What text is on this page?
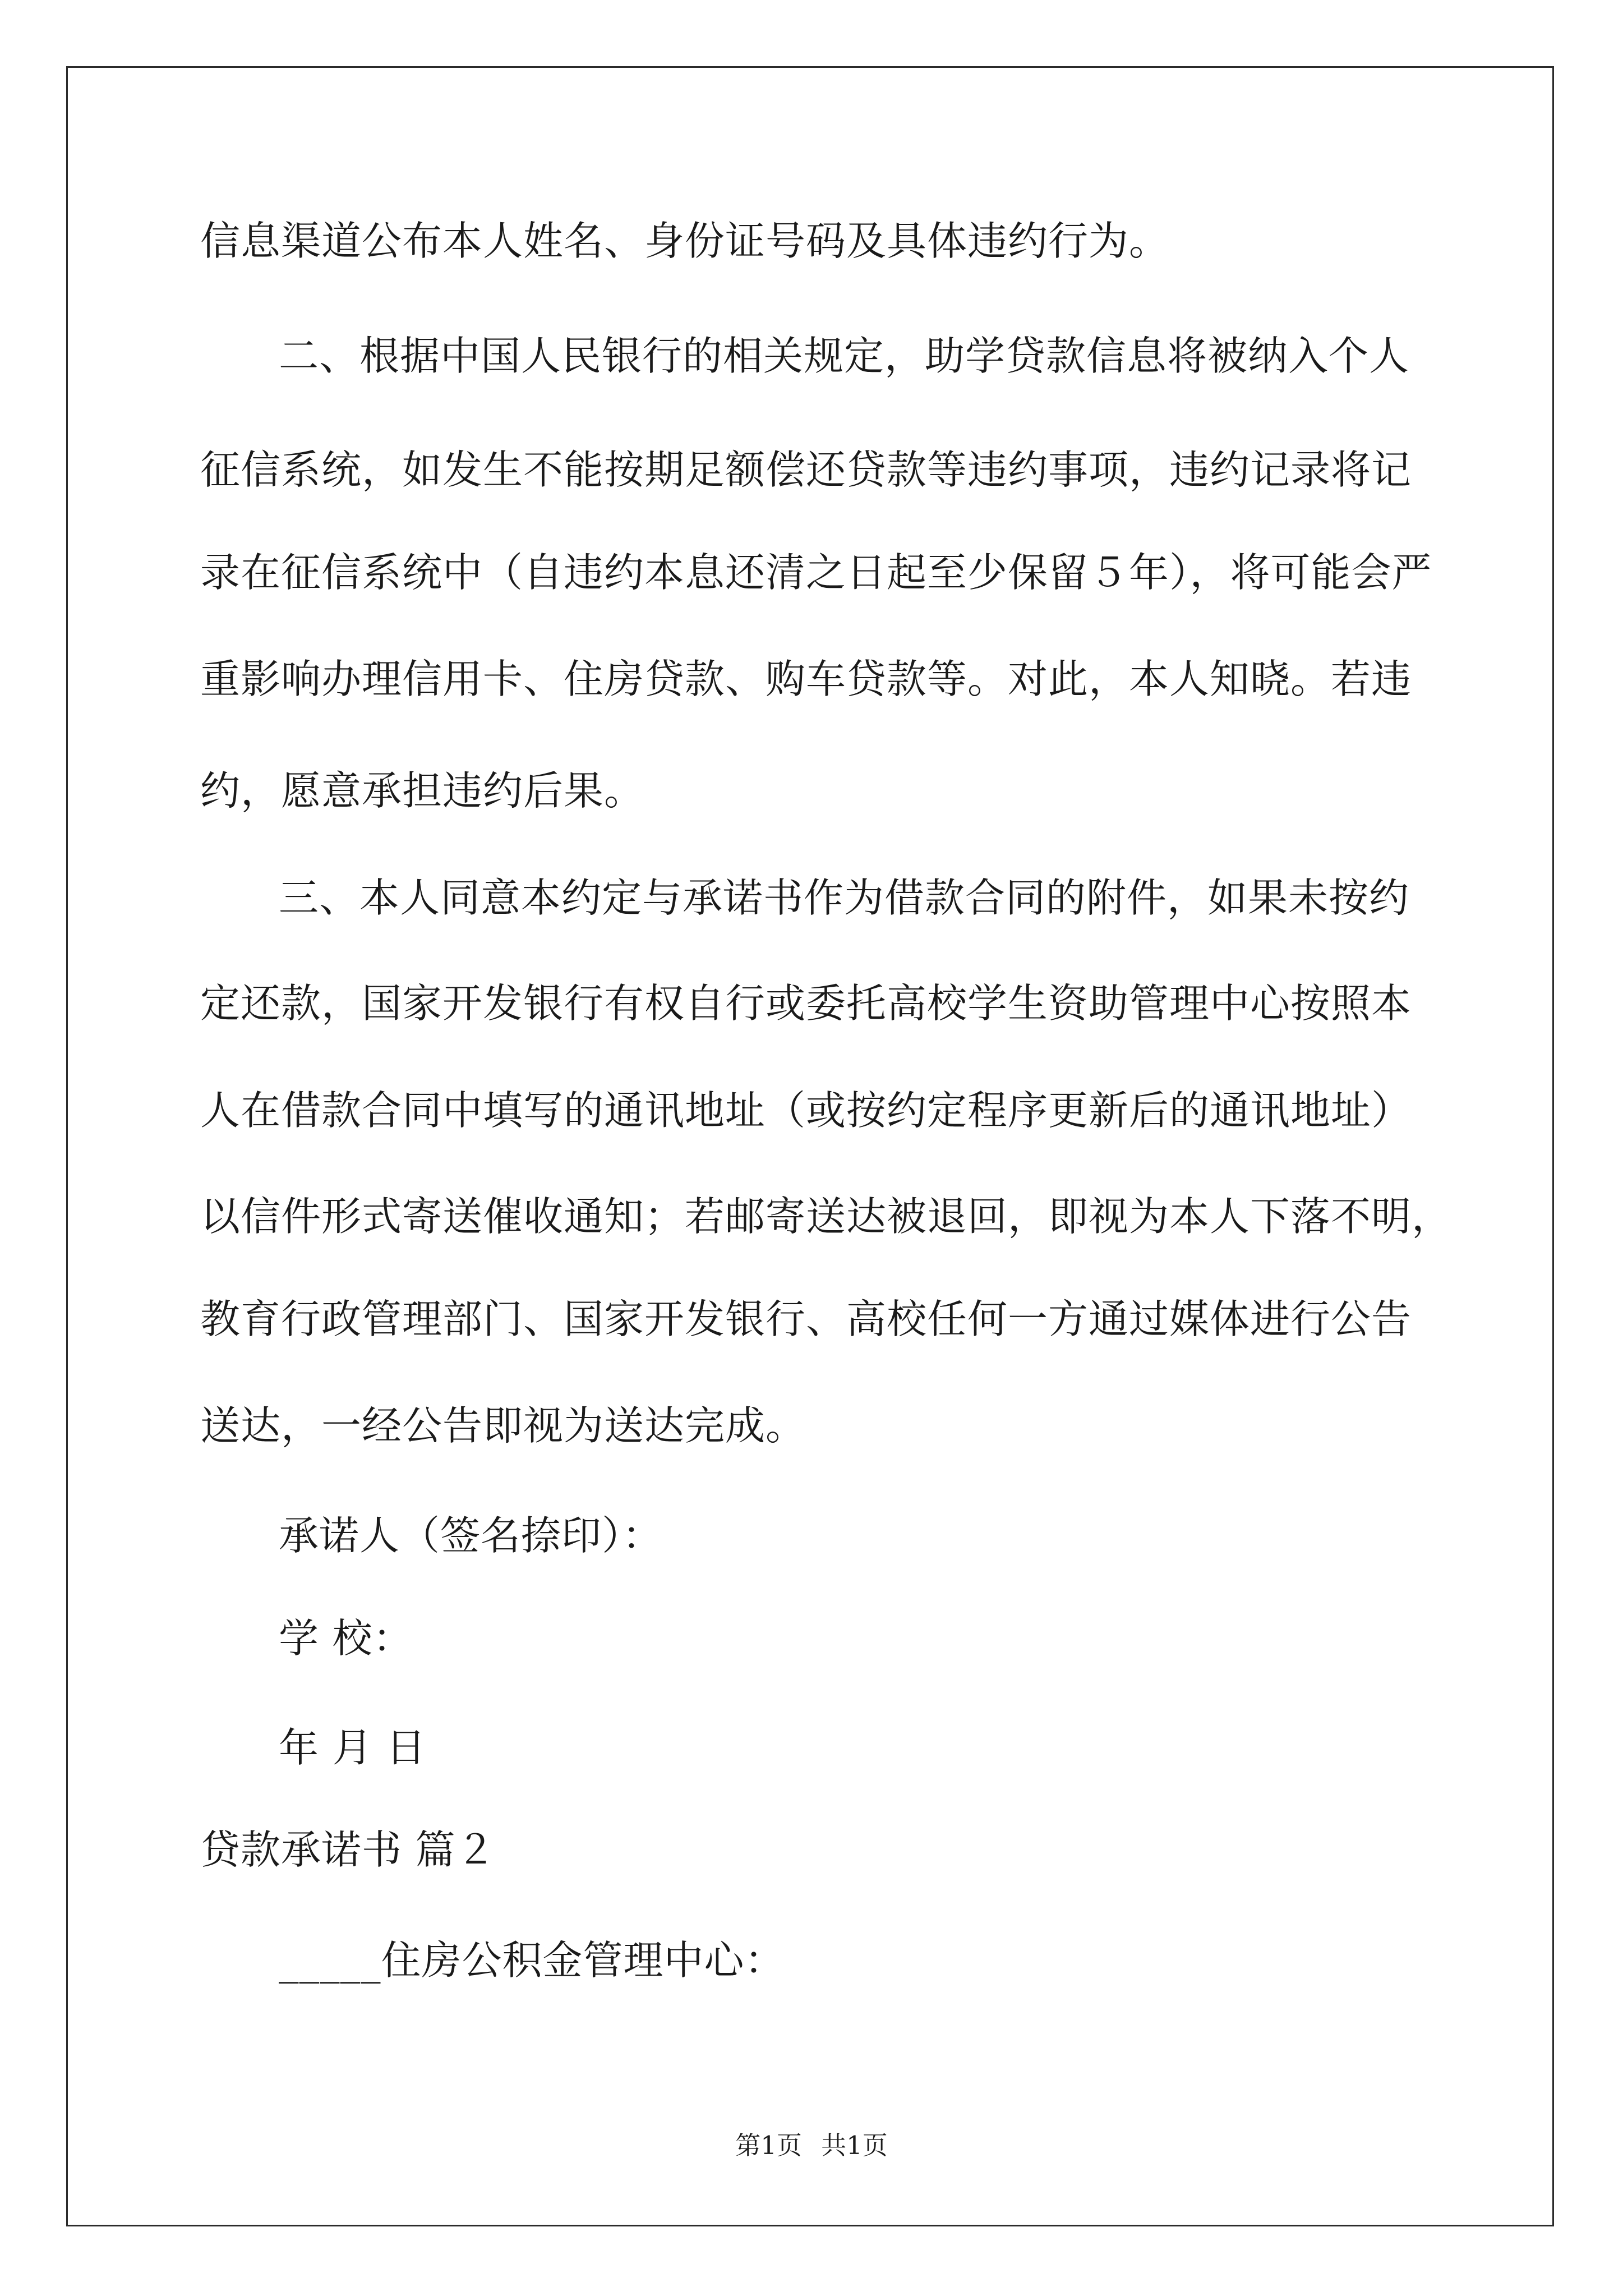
信息渠道公布本人姓名、身份证号码及具体违约行为。
二、根据中国人民银行的相关规定，助学贷款信息将被纳入个人
征信系统，如发生不能按期足额偿还贷款等违约事项，违约记录将记
录在征信系统中（自违约本息还清之日起至少保留５年），将可能会严
重影响办理信用卡、住房贷款、购车贷款等。对此，本人知晓。若违
约，愿意承担违约后果。
三、本人同意本约定与承诺书作为借款合同的附件，如果未按约
定还款，国家开发银行有权自行或委托高校学生资助管理中心按照本
人在借款合同中填写的通讯地址（或按约定程序更新后的通讯地址）
以信件形式寄送催收通知；若邮寄送达被退回，即视为本人下落不明，
教育行政管理部门、国家开发银行、高校任何一方通过媒体进行公告
送达，一经公告即视为送达完成。
承诺人（签名捺印）：
学 校：
年 月 日
贷款承诺书 篇２
_____住房公积金管理中心：
第1页 共1页
